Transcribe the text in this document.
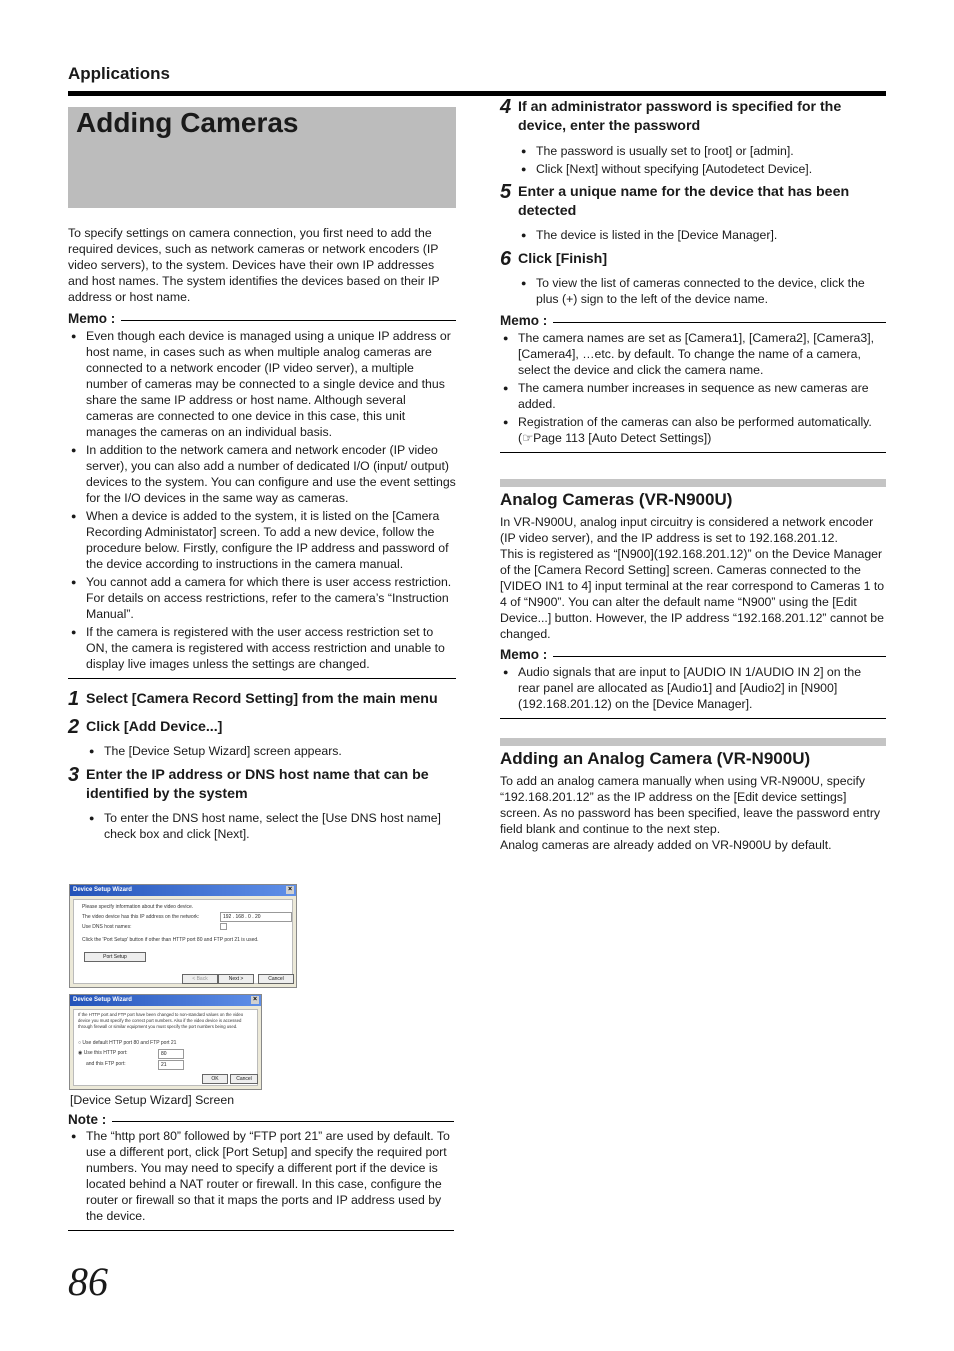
Applications
Adding Cameras

To specify settings on camera connection, you first need to add the required devices, such as network cameras or network encoders (IP video servers), to the system. Devices have their own IP addresses and host names. The system identifies the devices based on their IP address or host name.

Memo :
● Even though each device is managed using a unique IP address or host name, in cases such as when multiple analog cameras are connected to a network encoder (IP video server), a multiple number of cameras may be connected to a single device and thus share the same IP address or host name. Although several cameras are connected to one device in this case, this unit manages the cameras on an individual basis.
● In addition to the network camera and network encoder (IP video server), you can also add a number of dedicated I/O (input/ output) devices to the system. You can configure and use the event settings for the I/O devices in the same way as cameras.
● When a device is added to the system, it is listed on the [Camera Recording Administator] screen. To add a new device, follow the procedure below. Firstly, configure the IP address and password of the device according to instructions in the camera manual.
● You cannot add a camera for which there is user access restriction. For details on access restrictions, refer to the camera’s “Instruction Manual”.
● If the camera is registered with the user access restriction set to ON, the camera is registered with access restriction and unable to display live images unless the settings are changed.
1 Select [Camera Record Setting] from the main menu
2 Click [Add Device...]
● The [Device Setup Wizard] screen appears.
3 Enter the IP address or DNS host name that can be identified by the system
● To enter the DNS host name, select the [Use DNS host name] check box and click [Next].
Device Setup Wizard	×
Please specify information about the video device.
The video device has this IP address on the network:	192 . 168 . 0 . 20
Use DNS host names:
Click the 'Port Setup' button if other than HTTP port 80 and FTP port 21 is used.
Port Setup
< Back	Next >	Cancel
Device Setup Wizard	×
If the HTTP port and FTP port have been changed to non-standard values on the video device you must specify the correct port numbers. Also if the video device is accessed through firewall or similar equipment you must specify the port numbers being used.
○ Use default HTTP port 80 and FTP port 21
◉ Use this HTTP port:	80
and this FTP port:	21
OK	Cancel
[Device Setup Wizard] Screen
Note :
● The “http port 80” followed by “FTP port 21” are used by default. To use a different port, click [Port Setup] and specify the required port numbers. You may need to specify a different port if the device is located behind a NAT router or firewall. In this case, configure the router or firewall so that it maps the ports and IP address used by the device.
4 If an administrator password is specified for the device, enter the password
● The password is usually set to [root] or [admin].
● Click [Next] without specifying [Autodetect Device].
5 Enter a unique name for the device that has been detected
● The device is listed in the [Device Manager].
6 Click [Finish]
● To view the list of cameras connected to the device, click the plus (+) sign to the left of the device name.
Memo :
● The camera names are set as [Camera1], [Camera2], [Camera3], [Camera4], …etc. by default. To change the name of a camera, select the device and click the camera name.
● The camera number increases in sequence as new cameras are added.
● Registration of the cameras can also be performed automatically. (☞Page 113 [Auto Detect Settings])
Analog Cameras (VR-N900U)

In VR-N900U, analog input circuitry is considered a network encoder (IP video server), and the IP address is set to 192.168.201.12.

This is registered as “[N900](192.168.201.12)” on the Device Manager of the [Camera Record Setting] screen. Cameras connected to the [VIDEO IN1 to 4] input terminal at the rear correspond to Cameras 1 to 4 of “N900”. You can alter the default name “N900” using the [Edit Device...] button. However, the IP address “192.168.201.12” cannot be changed.

Memo :
● Audio signals that are input to [AUDIO IN 1/AUDIO IN 2] on the rear panel are allocated as [Audio1] and [Audio2] in [N900](192.168.201.12) on the [Device Manager].
Adding an Analog Camera (VR-N900U)

To add an analog camera manually when using VR-N900U, specify “192.168.201.12” as the IP address on the [Edit device settings] screen. As no password has been specified, leave the password entry field blank and continue to the next step.

Analog cameras are already added on VR-N900U by default.

86
